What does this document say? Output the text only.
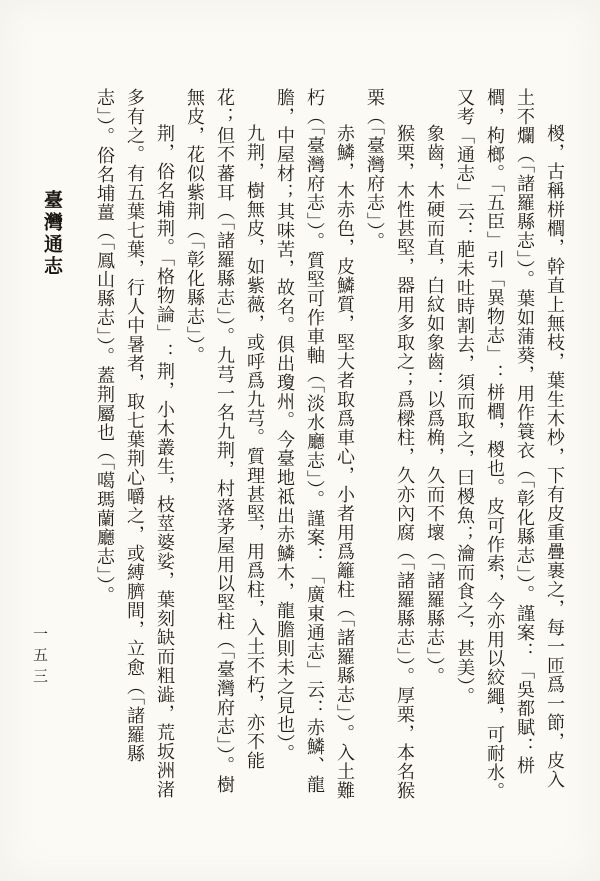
椶，古稱栟櫚，幹直上無枝，葉生木杪，下有皮重疊裹之，每一匝爲一節，皮入土不爛（「諸羅縣志」）。葉如蒲葵，用作簑衣（「彰化縣志」）。謹案：「吳都賦：栟櫚，枸榔。「五臣」引「異物志」：栟櫚，椶也。皮可作索，今亦用以絞繩，可耐水。又考「通志」云：萉未吐時割去，須而取之，曰椶魚；瀹而食之，甚美）。

象齒，木硬而直，白紋如象齒：以爲桷，久而不壞（「諸羅縣志」）。

猴栗，木性甚堅，器用多取之；爲樑柱，久亦內腐（「諸羅縣志」）。厚栗，本名猴栗（「臺灣府志」）。

赤鱗，木赤色，皮鱗質，堅大者取爲車心，小者用爲籬柱（「諸羅縣志」）。入土難朽（「臺灣府志」）。質堅可作車軸（「淡水廳志」）。謹案：「廣東通志」云：赤鱗、龍膽，中屋材；其味苦，故名。俱出瓊州。今臺地祗出赤鱗木，龍膽則未之見也）。

九荆，樹無皮，如紫薇，或呼爲九芎。質理甚堅，用爲柱，入土不朽，亦不能花；但不蕃耳（「諸羅縣志」）。九芎一名九荆，村落茅屋用以堅柱（「臺灣府志」）。樹無皮，花似紫荆（「彰化縣志」）。

荆，俗名埔荆。「格物論」：荆，小木叢生，枝莖婆娑，葉刻缺而粗澁，荒坂洲渚多有之。有五葉七葉，行人中暑者，取七葉荆心嚼之，或縛臍間，立愈（「諸羅縣志」）。俗名埔薑（「鳳山縣志」）。蓋荆屬也（「噶瑪蘭廳志」）。

臺灣通志
一五三
